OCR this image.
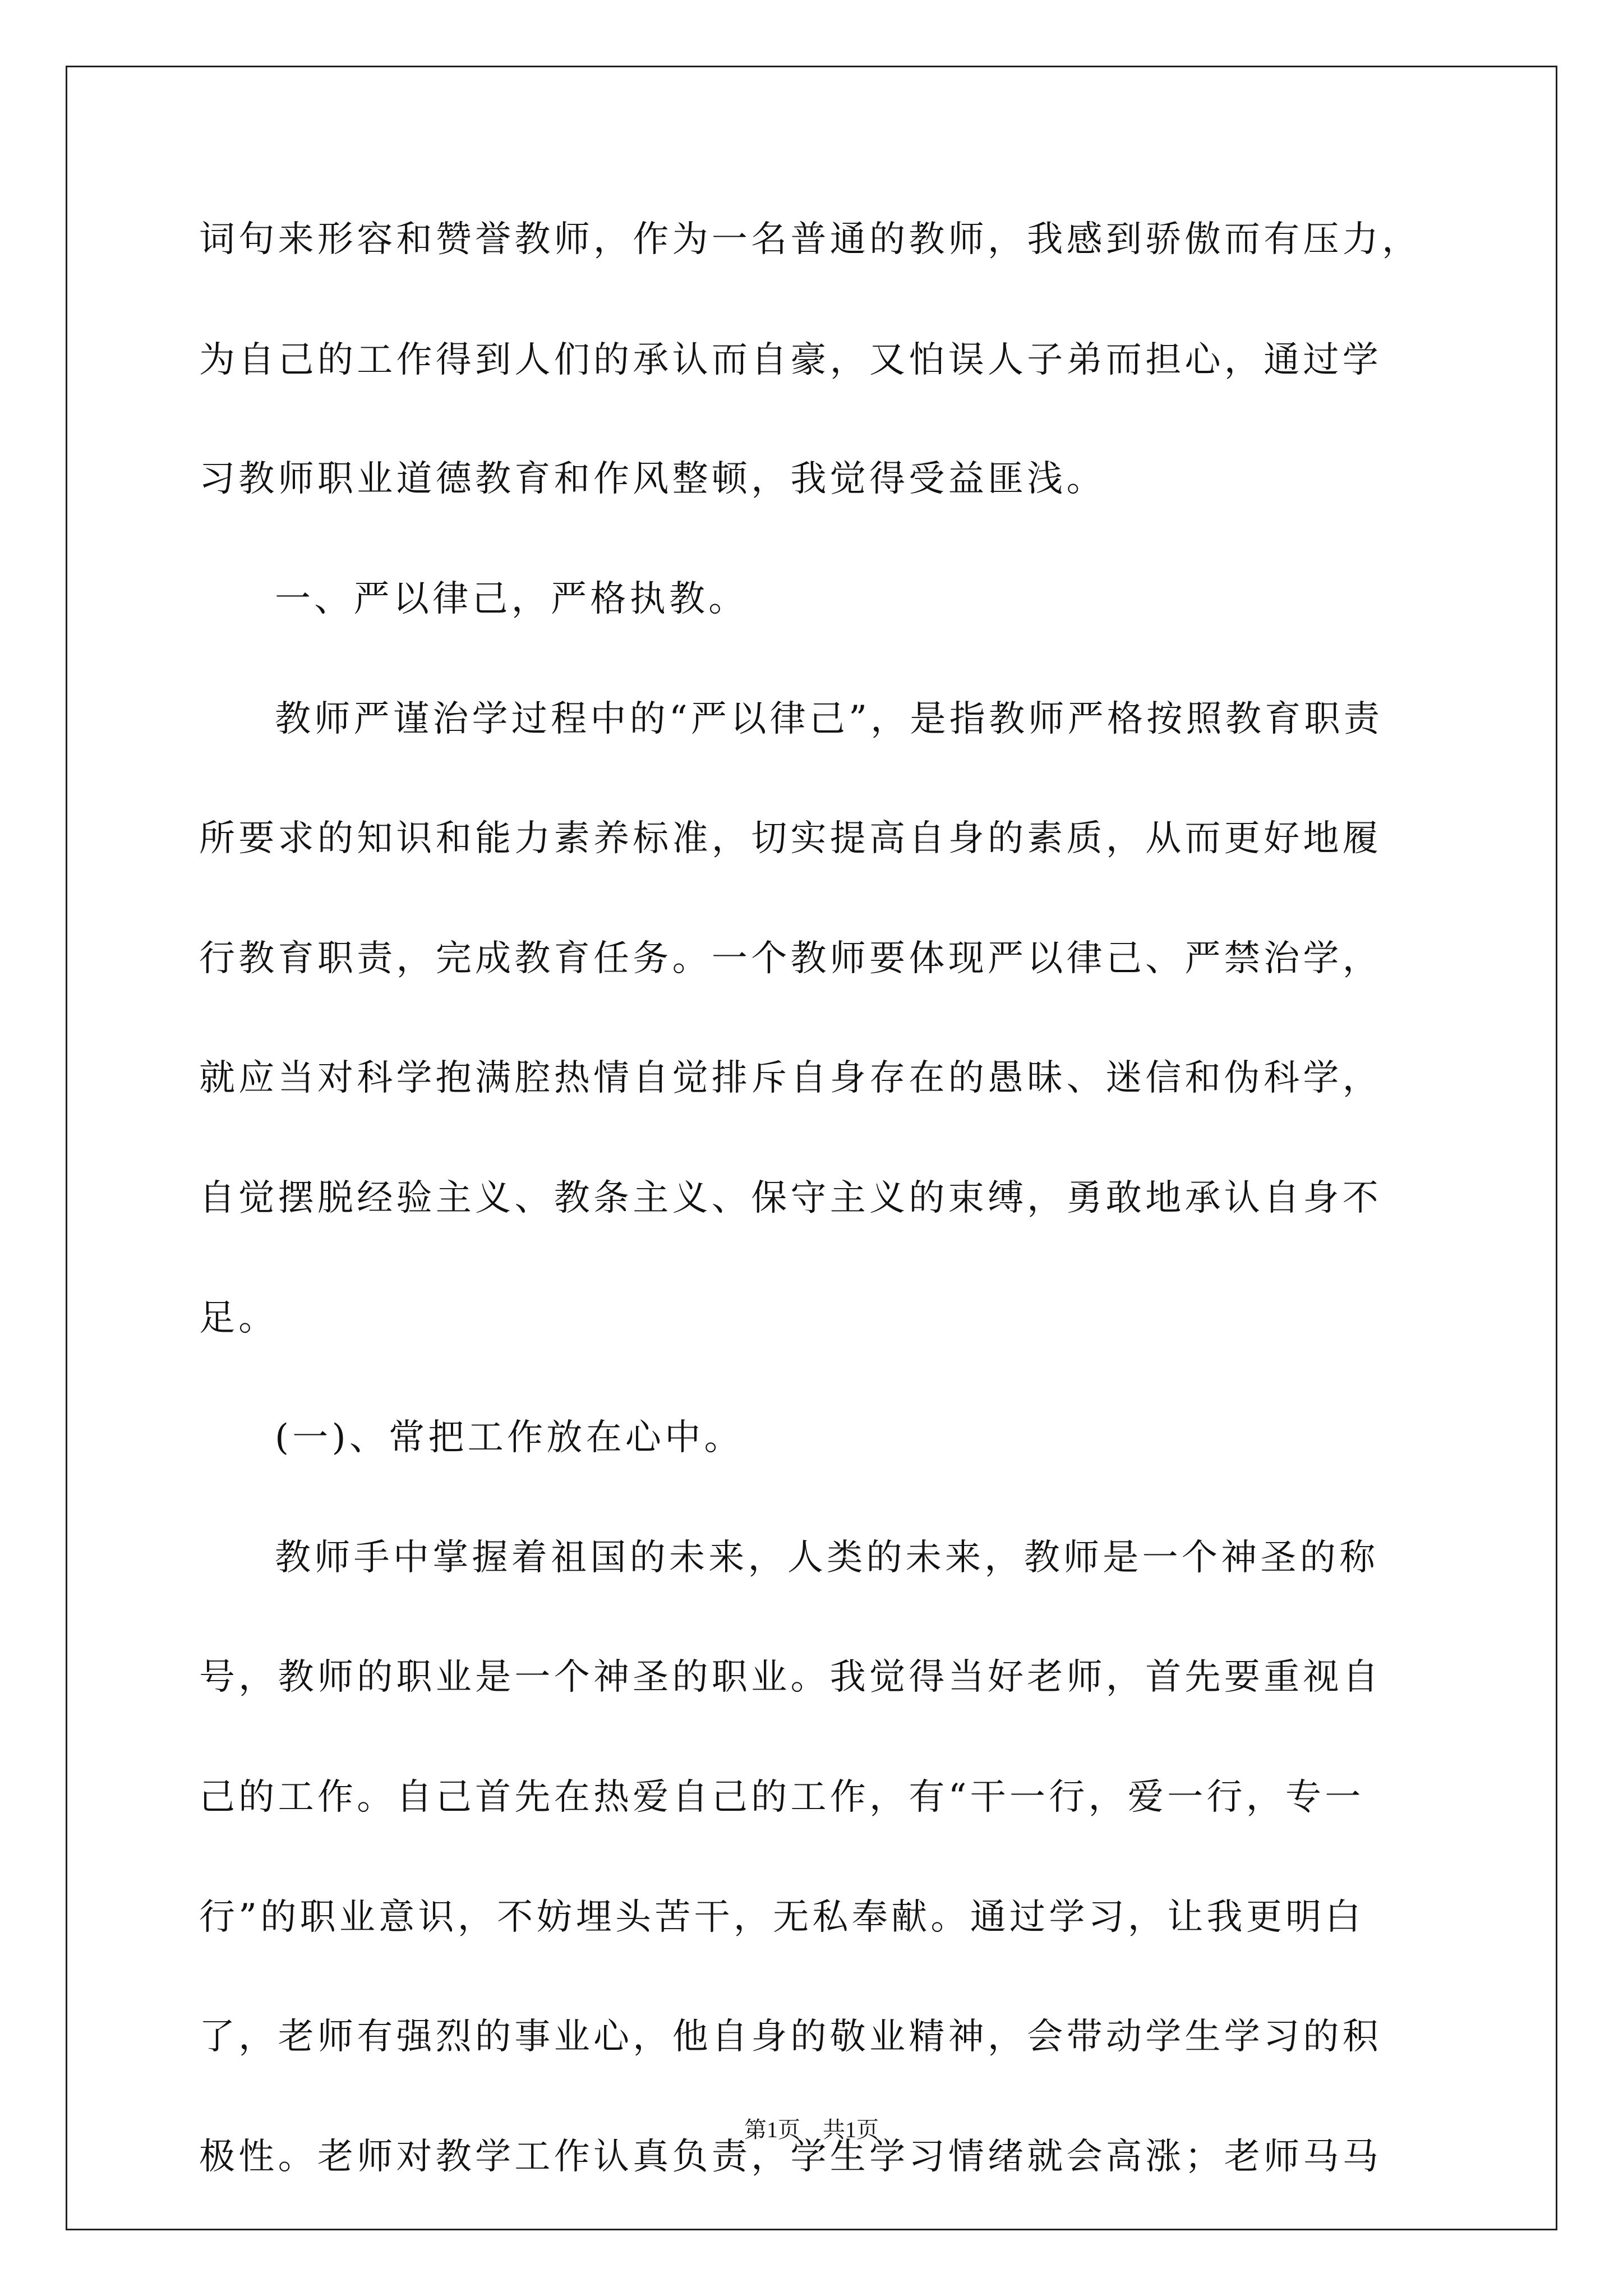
词句来形容和赞誉教师，作为一名普通的教师，我感到骄傲而有压力，
为自己的工作得到人们的承认而自豪，又怕误人子弟而担心，通过学
习教师职业道德教育和作风整顿，我觉得受益匪浅。
一、严以律己，严格执教。
教师严谨治学过程中的“严以律己”，是指教师严格按照教育职责
所要求的知识和能力素养标准，切实提高自身的素质，从而更好地履
行教育职责，完成教育任务。一个教师要体现严以律己、严禁治学，
就应当对科学抱满腔热情自觉排斥自身存在的愚昧、迷信和伪科学，
自觉摆脱经验主义、教条主义、保守主义的束缚，勇敢地承认自身不
足。
(一)、常把工作放在心中。
教师手中掌握着祖国的未来，人类的未来，教师是一个神圣的称
号，教师的职业是一个神圣的职业。我觉得当好老师，首先要重视自
己的工作。自己首先在热爱自己的工作，有“干一行，爱一行，专一
行”的职业意识，不妨埋头苦干，无私奉献。通过学习，让我更明白
了，老师有强烈的事业心，他自身的敬业精神，会带动学生学习的积
极性。老师对教学工作认真负责，学生学习情绪就会高涨；老师马马
第1页　共1页
